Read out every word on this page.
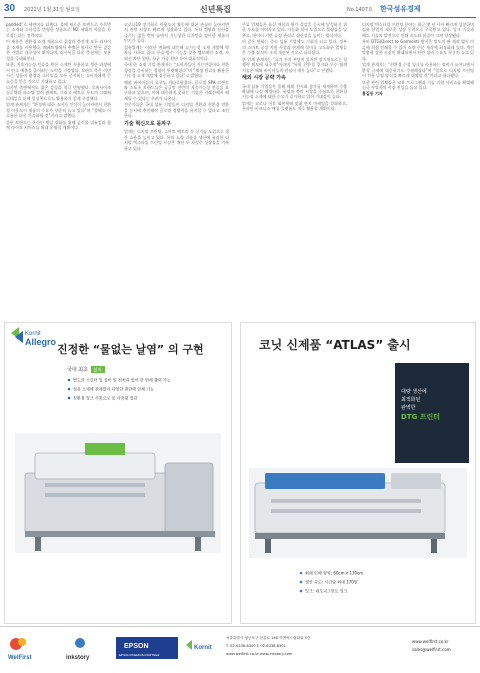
30 2022년 1월 31일 월요일	신년특집	No.1407호 한국섬유경제

padded”로 세련미를 더했다. 올해 새로운 트렌드로 주목받는 소재와 스타일을 반영한 상품으로 MZ 세대의 마음을 사로잡는다는 전략이다.

이 제품은 친환경 소재 제품으로 겉감과 충전재 모두 리사이클 소재를 사용했다. 폐페트병에서 추출한 원사로 만든 겉감은 가볍고 내구성이 뛰어나며, 리사이클 다운 충전재는 보온성을 극대화한다.

또한, 지속가능성 인증을 받은 소재만 사용하고 생산 과정에서 탄소 배출을 줄이려는 노력을 기울였다. 브랜드 측은 이번 시즌 상품이 환경과 스타일을 모두 중시하는 소비자에게 큰 호응을 얻을 것으로 기대하고 있다.

디자인 측면에서도 젊은 감성을 적극 반영했다. 오버사이즈 실루엣과 파스텔 컬러 팔레트, 그리고 레트로 무드의 그래픽 디테일을 더해 일상복으로도 활용하기 좋게 구성했다.

업계 관계자는 “환경에 대한 소비자 인식이 높아지면서 친환경 아웃도어 제품의 수요가 꾸준히 늘고 있다”며 “올해도 이 흐름은 더욱 가속화될 것”이라고 말했다.

한편 브랜드는 온라인 채널 강화를 위해 공식몰 리뉴얼과 함께 라이브 커머스를 확대 운영할 계획이다.

코로나19 장기화로 아웃도어 활동에 대한 관심이 높아지면서 관련 시장도 빠르게 성장하고 있다. 특히 캠핑과 등산을 즐기는 젊은 층이 늘면서 기능성과 디자인을 겸비한 제품의 인기가 높다.

섬유업계는 이러한 변화에 대응해 고기능성 소재 개발에 박차를 가하고 있다. 투습·방수 기능을 갖춘 멤브레인 소재, 자외선 차단 원단, 항균 가공 원단 등이 대표적이다.

국내 한 소재 기업 관계자는 “소비자들이 기능만큼이나 친환경성을 중시하는 경향이 뚜렷해졌다”며 “재생 원료를 활용한 기능성 소재 개발에 집중하고 있다”고 밝혔다.

해외 바이어들의 요구도 까다로워졌다. 글로벌 SPA 브랜드와 스포츠 브랜드들은 공급망 전반의 지속가능성 인증을 요구하고 있으며, 이에 대응하지 못하는 기업은 거래선에서 배제될 수 있다는 우려가 나온다.

전문가들은 국내 섬유 기업들이 디지털 전환과 친환경 전환을 동시에 추진해야 글로벌 경쟁력을 유지할 수 있다고 조언한다.

기술 혁신으로 돌파구

업계는 디지털 프린팅, 스마트 팩토리 등 신기술 도입으로 생산 효율을 높이고 있다. 특히 소량 다품종 생산에 유리한 디지털 텍스타일 프린팅 시장은 매년 두 자릿수 성장률을 기록하고 있다.

주요 업체들은 품질 개선과 원가 절감을 동시에 달성하기 위한 투자를 이어가고 있다. 자동화 설비 도입으로 불량률을 낮추고, 데이터 기반 공정 관리로 생산성을 높이는 방식이다.

이 같은 변화는 중소 섬유 기업에도 기회가 되고 있다. 정부의 스마트 공장 지원 사업과 연계해 설비를 고도화한 업체들은 수출 실적이 크게 개선된 것으로 나타났다.

한 업계 관계자는 “초기 투자 부담이 있지만 장기적으로는 경쟁력 확보에 필수적”이라며 “특히 친환경 잉크와 무수 염색 기술은 해외 바이어들의 관심이 매우 높다”고 전했다.

해외 시장 공략 가속

국내 섬유 기업들은 올해 해외 전시회 참가를 재개하며 수출 확대에 나설 예정이다. 유럽과 북미 시장을 중심으로 친환경 기능성 소재에 대한 수요가 증가하고 있어 기대감이 높다.

업계는 코로나 이후 회복세에 맞춰 현지 마케팅을 강화하고, 온라인 비즈니스 매칭 플랫폼도 적극 활용할 계획이다.

디지털 텍스타일 프린팅 분야는 최근 몇 년 사이 빠르게 성장하며 섬유 산업의 새로운 성장 동력으로 주목받고 있다. 잉크 기술과 헤드 기술의 발전으로 인쇄 속도와 품질이 크게 향상됐다.

특히 DTG(Direct to Garment) 방식은 별도의 판 제작 없이 의류에 직접 인쇄할 수 있어 소량 주문 제작에 최적화돼 있다. 개인 맞춤형 상품 시장이 확대되면서 관련 장비 수요도 꾸준히 늘고 있다.

업계 관계자는 “친환경 수성 잉크를 사용하는 장비가 늘어나면서 환경 규제에 대응하기도 수월해졌다”며 “앞으로 디지털 프린팅이 전통 날염 방식을 빠르게 대체할 것”이라고 내다봤다.

또한 관련 업체들은 교육 프로그램과 기술 지원 서비스를 확대해 신규 사업자의 시장 진입을 돕고 있다.

홍길동 기자

Kornit
Allegro
진정한 “물없는 날염” 의 구현
국내 최초 설치
별도의 프린터 밑 장비 및 전처리 없이 한 번에 출력 가능
섬유 소재에 관계없이 다양한 원단에 인쇄 가능
친환경 잉크 사용으로 물 사용량 절감
코닛 신제품 “ATLAS” 출시
대량 생산에
최적화된
완벽한
DTG 프린터
최대 인쇄 영역: 60cm x 130cm
생산 속도: 시간당 최대 170벌
잉크: 네오피그먼트 잉크
WelFirst	inkstory
EPSON
EPSON PREMIUM PARTNER
Kornit
서울특별시 영등포구 선유로 146 이앤씨드림타워 5층
T. 02-6338-8300 F. 02-6338-8301
www.welfirst.co.kr www.inkstory.com
www.welfirst.co.kr
sales@welfirst.com
